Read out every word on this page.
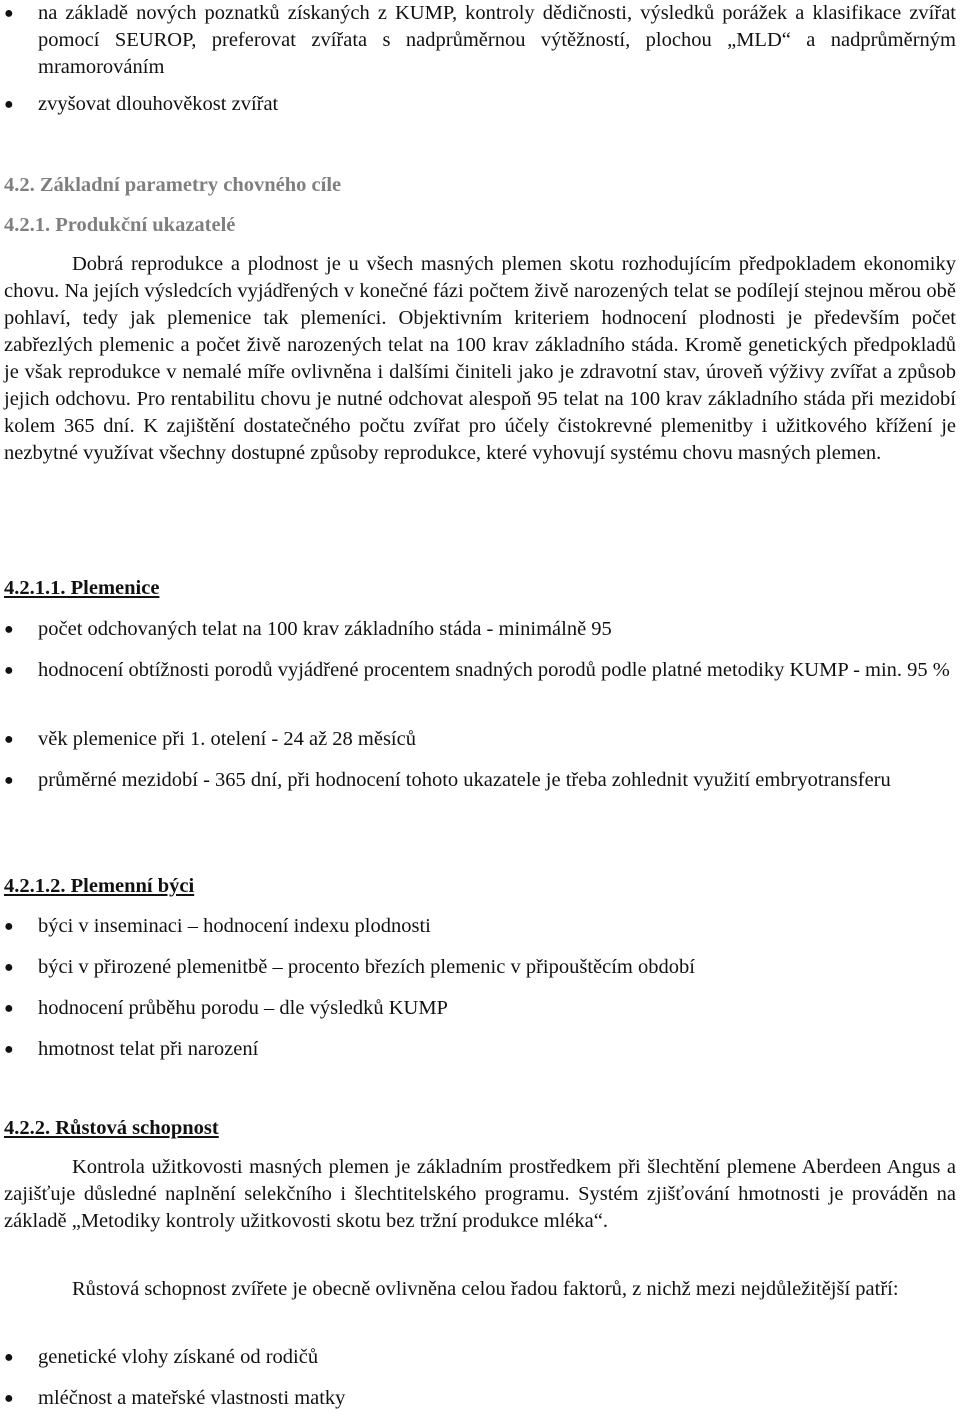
●	na základě nových poznatků získaných z KUMP, kontroly dědičnosti, výsledků porážek a klasifikace zvířat pomocí SEUROP, preferovat zvířata s nadprůměrnou výtěžností, plochou „MLD“ a nadprůměrným mramorováním
●	zvyšovat dlouhověkost zvířat

4.2. Základní parametry chovného cíle

4.2.1. Produkční ukazatelé

Dobrá reprodukce a plodnost je u všech masných plemen skotu rozhodujícím předpokladem ekonomiky chovu. Na jejích výsledcích vyjádřených v konečné fázi počtem živě narozených telat se podílejí stejnou měrou obě pohlaví, tedy jak plemenice tak plemeníci. Objektivním kriteriem hodnocení plodnosti je především počet zabřezlých plemenic a počet živě narozených telat na 100 krav základního stáda. Kromě genetických předpokladů je však reprodukce v nemalé míře ovlivněna i dalšími činiteli jako je zdravotní stav, úroveň výživy zvířat a způsob jejich odchovu. Pro rentabilitu chovu je nutné odchovat alespoň 95 telat na 100 krav základního stáda při mezidobí kolem 365 dní. K zajištění dostatečného počtu zvířat pro účely čistokrevné plemenitby i užitkového křížení je nezbytné využívat všechny dostupné způsoby reprodukce, které vyhovují systému chovu masných plemen.

4.2.1.1. Plemenice

●	počet odchovaných telat na 100 krav základního stáda - minimálně 95
●	hodnocení obtížnosti porodů vyjádřené procentem snadných porodů podle platné metodiky KUMP - min. 95 %
●	věk plemenice při 1. otelení - 24 až 28 měsíců
●	průměrné mezidobí - 365 dní, při hodnocení tohoto ukazatele je třeba zohlednit využití embryotransferu

4.2.1.2. Plemenní býci

●	býci v inseminaci – hodnocení indexu plodnosti
●	býci v přirozené plemenitbě – procento březích plemenic v připouštěcím období
●	hodnocení průběhu porodu – dle výsledků KUMP
●	hmotnost telat při narození

4.2.2. Růstová schopnost

Kontrola užitkovosti masných plemen je základním prostředkem při šlechtění plemene Aberdeen Angus a zajišťuje důsledné naplnění selekčního i šlechtitelského programu. Systém zjišťování hmotnosti je prováděn na základě „Metodiky kontroly užitkovosti skotu bez tržní produkce mléka“.

Růstová schopnost zvířete je obecně ovlivněna celou řadou faktorů, z nichž mezi nejdůležitější patří:

●	genetické vlohy získané od rodičů
●	mléčnost a mateřské vlastnosti matky
